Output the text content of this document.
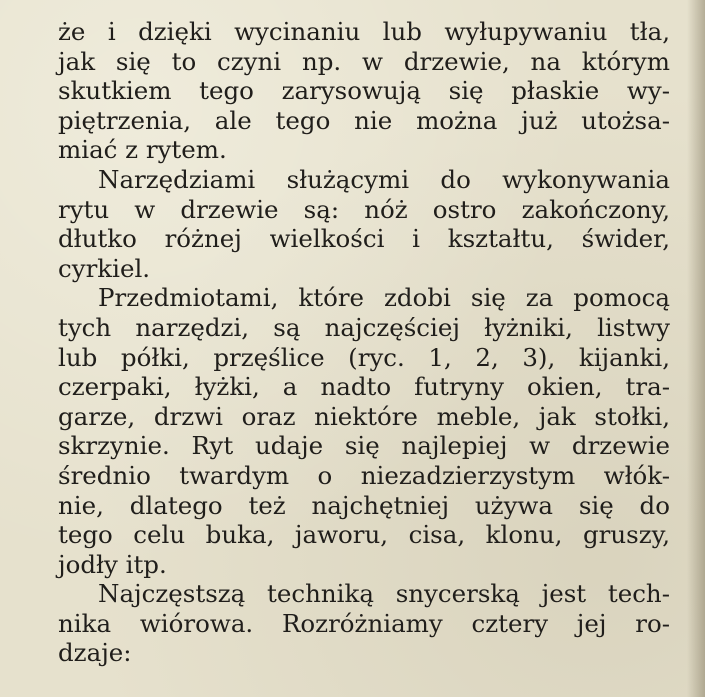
że i dzięki wycinaniu lub wyłupywaniu tła,
jak się to czyni np. w drzewie, na którym
skutkiem tego zarysowują się płaskie wy-
piętrzenia, ale tego nie można już utożsa-
miać z rytem.
Narzędziami służącymi do wykonywania
rytu w drzewie są: nóż ostro zakończony,
dłutko różnej wielkości i kształtu, świder,
cyrkiel.
Przedmiotami, które zdobi się za pomocą
tych narzędzi, są najczęściej łyżniki, listwy
lub półki, przęślice (ryc. 1, 2, 3), kijanki,
czerpaki, łyżki, a nadto futryny okien, tra-
garze, drzwi oraz niektóre meble, jak stołki,
skrzynie. Ryt udaje się najlepiej w drzewie
średnio twardym o niezadzierzystym włók-
nie, dlatego też najchętniej używa się do
tego celu buka, jaworu, cisa, klonu, gruszy,
jodły itp.
Najczęstszą techniką snycerską jest tech-
nika wiórowa. Rozróżniamy cztery jej ro-
dzaje:
